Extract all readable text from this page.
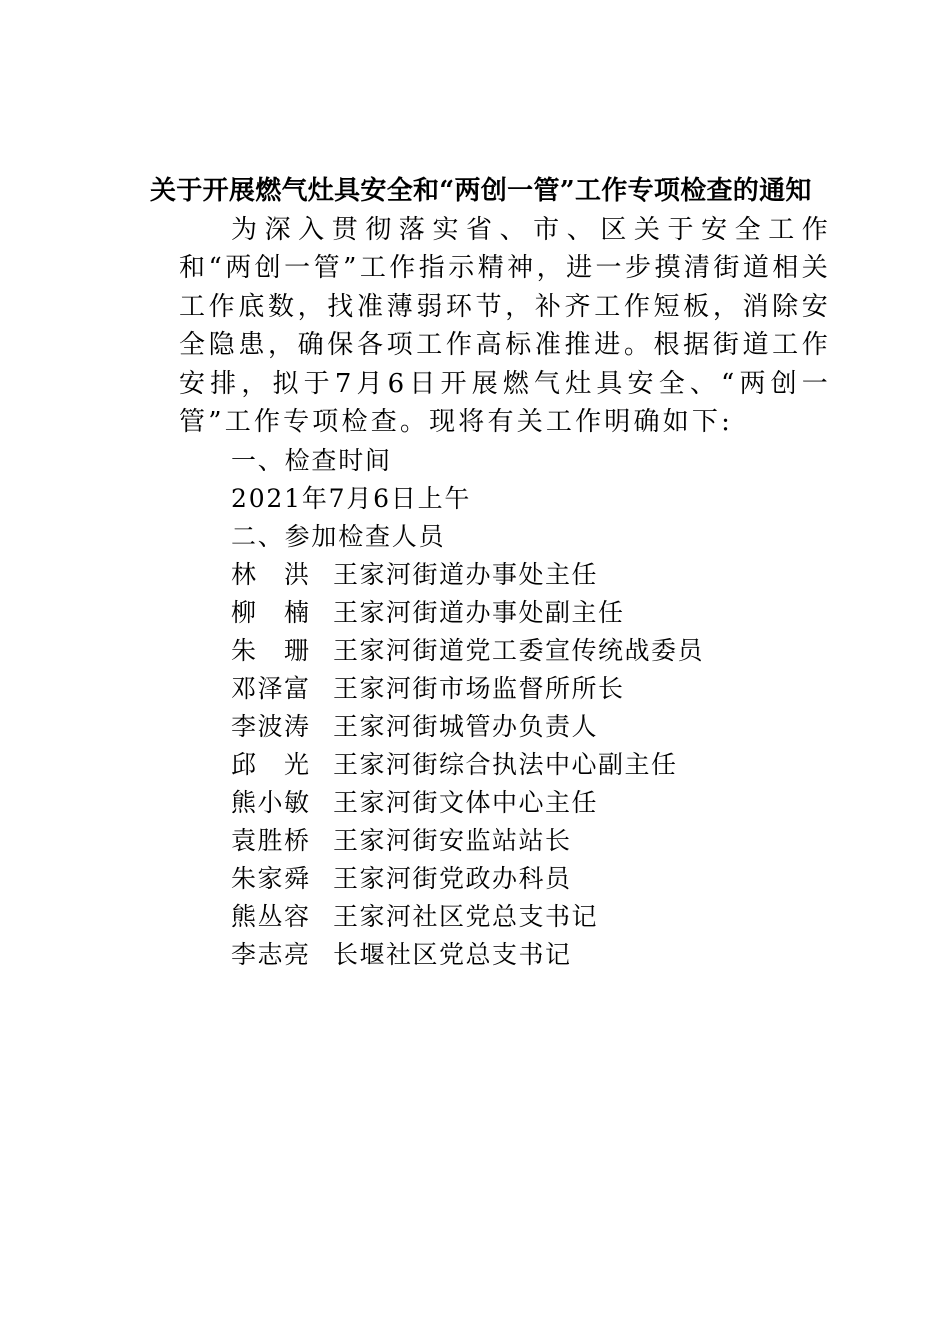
关于开展燃气灶具安全和“两创一管”工作专项检查的通知
为深入贯彻落实省、市、区关于安全工作和“两创一管”工作指示精神，进一步摸清街道相关工作底数，找准薄弱环节，补齐工作短板，消除安全隐患，确保各项工作高标准推进。根据街道工作安排，拟于7月6日开展燃气灶具安全、“两创一管”工作专项检查。现将有关工作明确如下:
一、检查时间
2021年7月6日上午
二、参加检查人员
林　洪 王家河街道办事处主任
柳　楠 王家河街道办事处副主任
朱　珊 王家河街道党工委宣传统战委员
邓泽富 王家河街市场监督所所长
李波涛 王家河街城管办负责人
邱　光 王家河街综合执法中心副主任
熊小敏 王家河街文体中心主任
袁胜桥 王家河街安监站站长
朱家舜 王家河街党政办科员
熊丛容 王家河社区党总支书记
李志亮 长堰社区党总支书记
